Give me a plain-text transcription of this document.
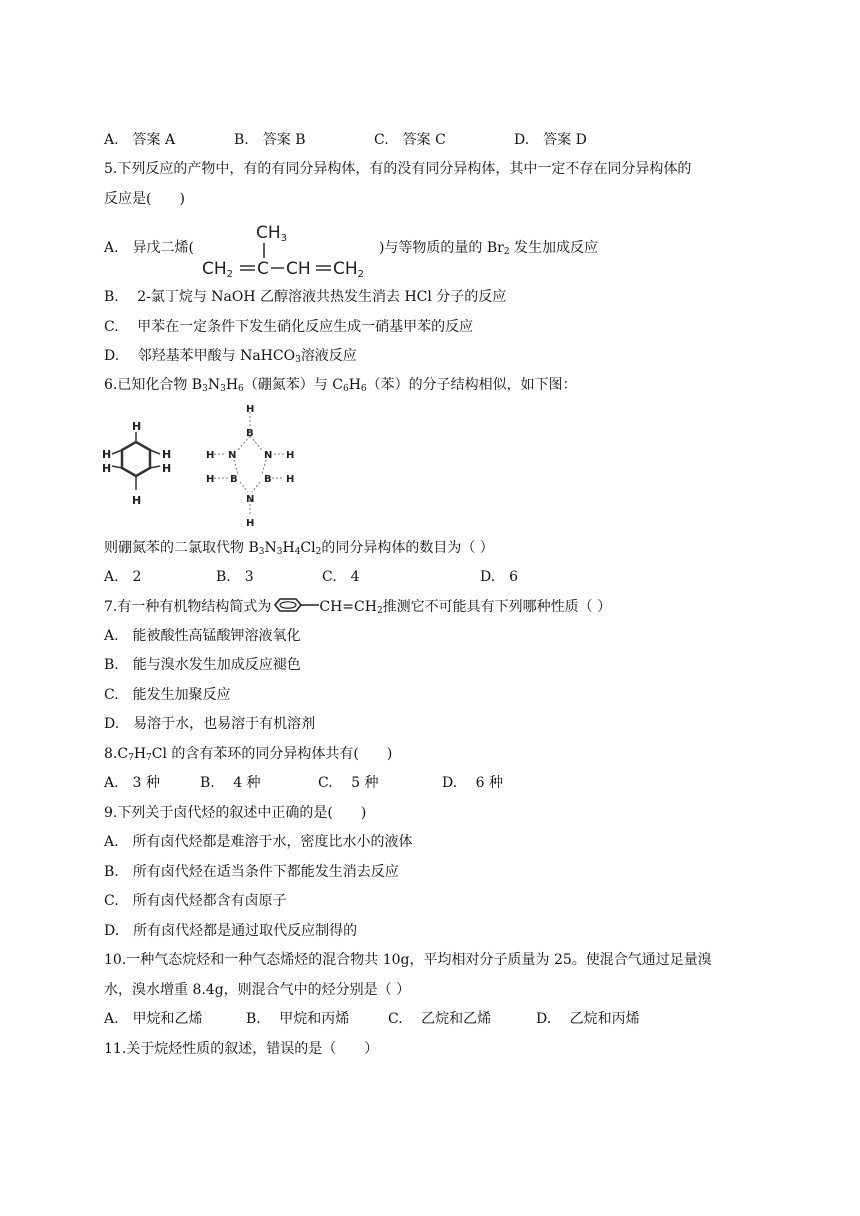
A.　答案 A	B.　答案 B	C.　答案 C	D.　答案 D
5.下列反应的产物中，有的有同分异构体，有的没有同分异构体，其中一定不存在同分异构体的
反应是(　　)
A.　异戊二烯(	)与等物质的量的 $Br_2$ 发生加成反应
CH3
CH2 C CH CH2
B.　 2-氯丁烷与 NaOH 乙醇溶液共热发生消去 HCl 分子的反应
C.　 甲苯在一定条件下发生硝化反应生成一硝基甲苯的反应
D.　 邻羟基苯甲酸与 NaHCO$_3$溶液反应
6.已知化合物 $B_3N_3H_6$（硼氮苯）与 $C_6H_6$（苯）的分子结构相似，如下图：
H
H
H
H
H
H
H
B
H N	N H
H B	B H
N
H
则硼氮苯的二氯取代物 $B_3N_3H_4Cl_2$的同分异构体的数目为（ ）
A.　2	B.　3	C.　4	D.　6
7.有一种有机物结构简式为	$CH=CH_2$推测它不可能具有下列哪种性质（ ）
A.　能被酸性高锰酸钾溶液氧化
B.　能与溴水发生加成反应褪色
C.　能发生加聚反应
D.　易溶于水，也易溶于有机溶剂
$8.C_7H_7Cl$ 的含有苯环的同分异构体共有(　　)
A.　3 种	B.　 4 种	C.　 5 种	D.　 6 种
9.下列关于卤代烃的叙述中正确的是(　　)
A.　所有卤代烃都是难溶于水，密度比水小的液体
B.　所有卤代烃在适当条件下都能发生消去反应
C.　所有卤代烃都含有卤原子
D.　所有卤代烃都是通过取代反应制得的
10.一种气态烷烃和一种气态烯烃的混合物共 10g，平均相对分子质量为 25。使混合气通过足量溴
水，溴水增重 8.4g，则混合气中的烃分别是（ ）
A.　甲烷和乙烯	B.　 甲烷和丙烯	C.　 乙烷和乙烯	D.　 乙烷和丙烯
11.关于烷烃性质的叙述，错误的是（　　）
